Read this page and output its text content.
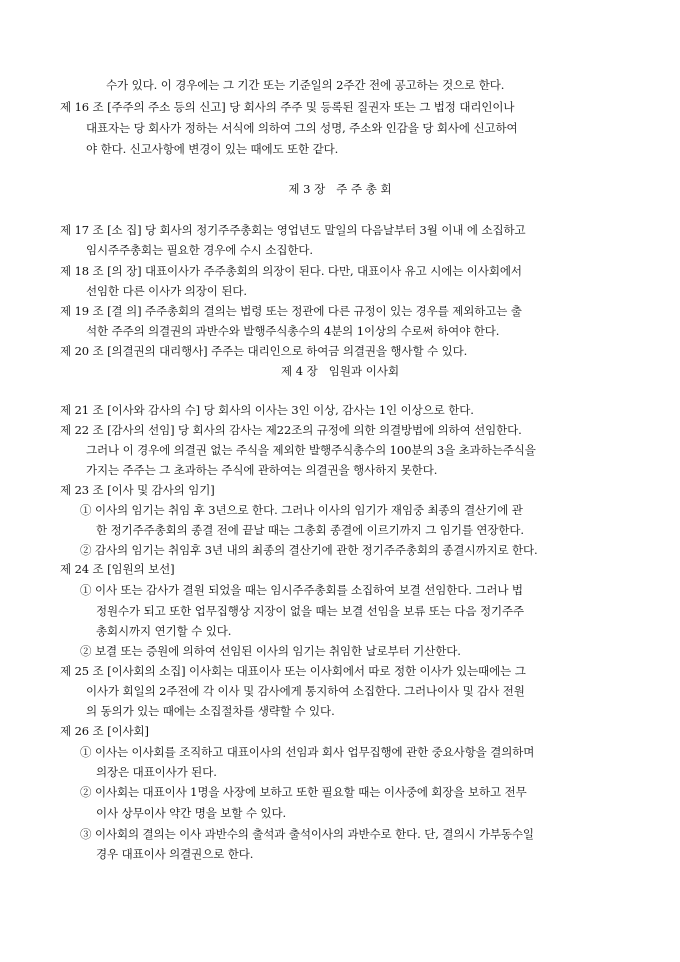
수가 있다. 이 경우에는 그 기간 또는 기준일의 2주간 전에 공고하는 것으로 한다.
제 16 조 [주주의 주소 등의 신고] 당 회사의 주주 및 등록된 질권자 또는 그 법정 대리인이나
대표자는 당 회사가 정하는 서식에 의하여 그의 성명, 주소와 인감을 당 회사에 신고하여
야 한다. 신고사항에 변경이 있는 때에도 또한 같다.
제 3 장   주 주 총 회
제 17 조 [소 집] 당 회사의 정기주주총회는 영업년도 말일의 다음날부터 3월 이내 에 소집하고
임시주주총회는 필요한 경우에 수시 소집한다.
제 18 조 [의 장] 대표이사가 주주총회의 의장이 된다. 다만, 대표이사 유고 시에는 이사회에서
선임한 다른 이사가 의장이 된다.
제 19 조 [결 의] 주주총회의 결의는 법령 또는 정관에 다른 규정이 있는 경우를 제외하고는 출
석한 주주의 의결권의 과반수와 발행주식총수의 4분의 1이상의 수로써 하여야 한다.
제 20 조 [의결권의 대리행사] 주주는 대리인으로 하여금 의결권을 행사할 수 있다.
제 4 장   임원과 이사회
제 21 조 [이사와 감사의 수] 당 회사의 이사는 3인 이상, 감사는 1인 이상으로 한다.
제 22 조 [감사의 선임] 당 회사의 감사는 제22조의 규정에 의한 의결방법에 의하여 선임한다.
그러나 이 경우에 의결권 없는 주식을 제외한 발행주식총수의 100분의 3을 초과하는주식을
가지는 주주는 그 초과하는 주식에 관하여는 의결권을 행사하지 못한다.
제 23 조 [이사 및 감사의 임기]
① 이사의 임기는 취임 후 3년으로 한다. 그러나 이사의 임기가 재임중 최종의 결산기에 관
한 정기주주총회의 종결 전에 끝날 때는 그총회 종결에 이르기까지 그 임기를 연장한다.
② 감사의 임기는 취임후 3년 내의 최종의 결산기에 관한 정기주주총회의 종결시까지로 한다.
제 24 조 [임원의 보선]
① 이사 또는 감사가 결원 되었을 때는 임시주주총회를 소집하여 보결 선임한다. 그러나 법
정원수가 되고 또한 업무집행상 지장이 없을 때는 보결 선임을 보류 또는 다음 정기주주
총회시까지 연기할 수 있다.
② 보결 또는 증원에 의하여 선임된 이사의 임기는 취임한 날로부터 기산한다.
제 25 조 [이사회의 소집] 이사회는 대표이사 또는 이사회에서 따로 정한 이사가 있는때에는 그
이사가 회일의 2주전에 각 이사 및 감사에게 통지하여 소집한다. 그러나이사 및 감사 전원
의 동의가 있는 때에는 소집절차를 생략할 수 있다.
제 26 조 [이사회]
① 이사는 이사회를 조직하고 대표이사의 선임과 회사 업무집행에 관한 중요사항을 결의하며
의장은 대표이사가 된다.
② 이사회는 대표이사 1명을 사장에 보하고 또한 필요할 때는 이사중에 회장을 보하고 전무
이사 상무이사 약간 명을 보할 수 있다.
③ 이사회의 결의는 이사 과반수의 출석과 출석이사의 과반수로 한다. 단, 결의시 가부동수일
경우 대표이사 의결권으로 한다.
